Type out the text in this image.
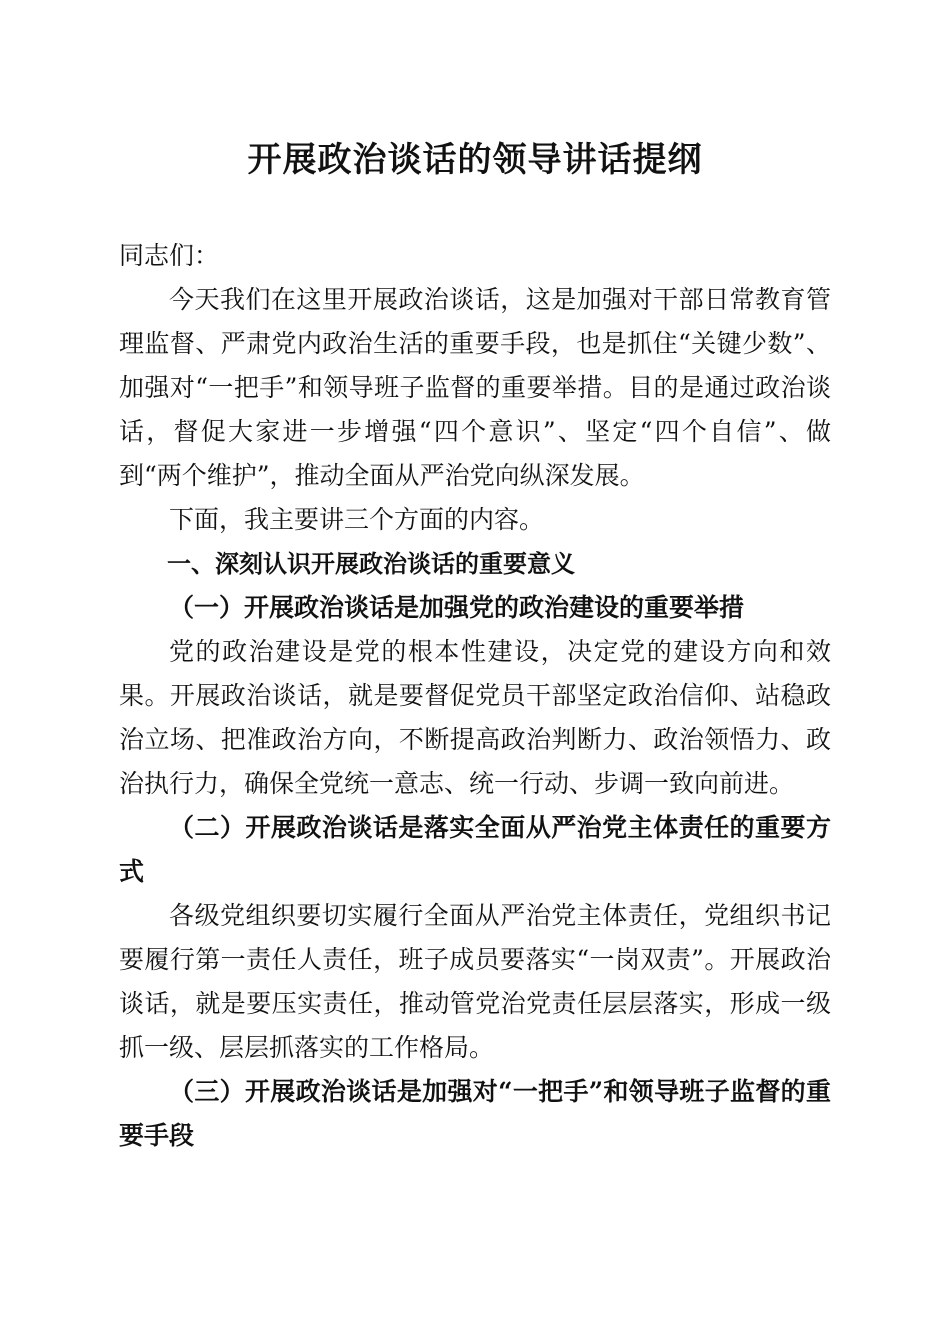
开展政治谈话的领导讲话提纲

同志们：

今天我们在这里开展政治谈话，这是加强对干部日常教育管理监督、严肃党内政治生活的重要手段，也是抓住“关键少数”、加强对“一把手”和领导班子监督的重要举措。目的是通过政治谈话，督促大家进一步增强“四个意识”、坚定“四个自信”、做到“两个维护”，推动全面从严治党向纵深发展。

下面，我主要讲三个方面的内容。

一、深刻认识开展政治谈话的重要意义

（一）开展政治谈话是加强党的政治建设的重要举措

党的政治建设是党的根本性建设，决定党的建设方向和效果。开展政治谈话，就是要督促党员干部坚定政治信仰、站稳政治立场、把准政治方向，不断提高政治判断力、政治领悟力、政治执行力，确保全党统一意志、统一行动、步调一致向前进。

（二）开展政治谈话是落实全面从严治党主体责任的重要方式

各级党组织要切实履行全面从严治党主体责任，党组织书记要履行第一责任人责任，班子成员要落实“一岗双责”。开展政治谈话，就是要压实责任，推动管党治党责任层层落实，形成一级抓一级、层层抓落实的工作格局。

（三）开展政治谈话是加强对“一把手”和领导班子监督的重要手段
